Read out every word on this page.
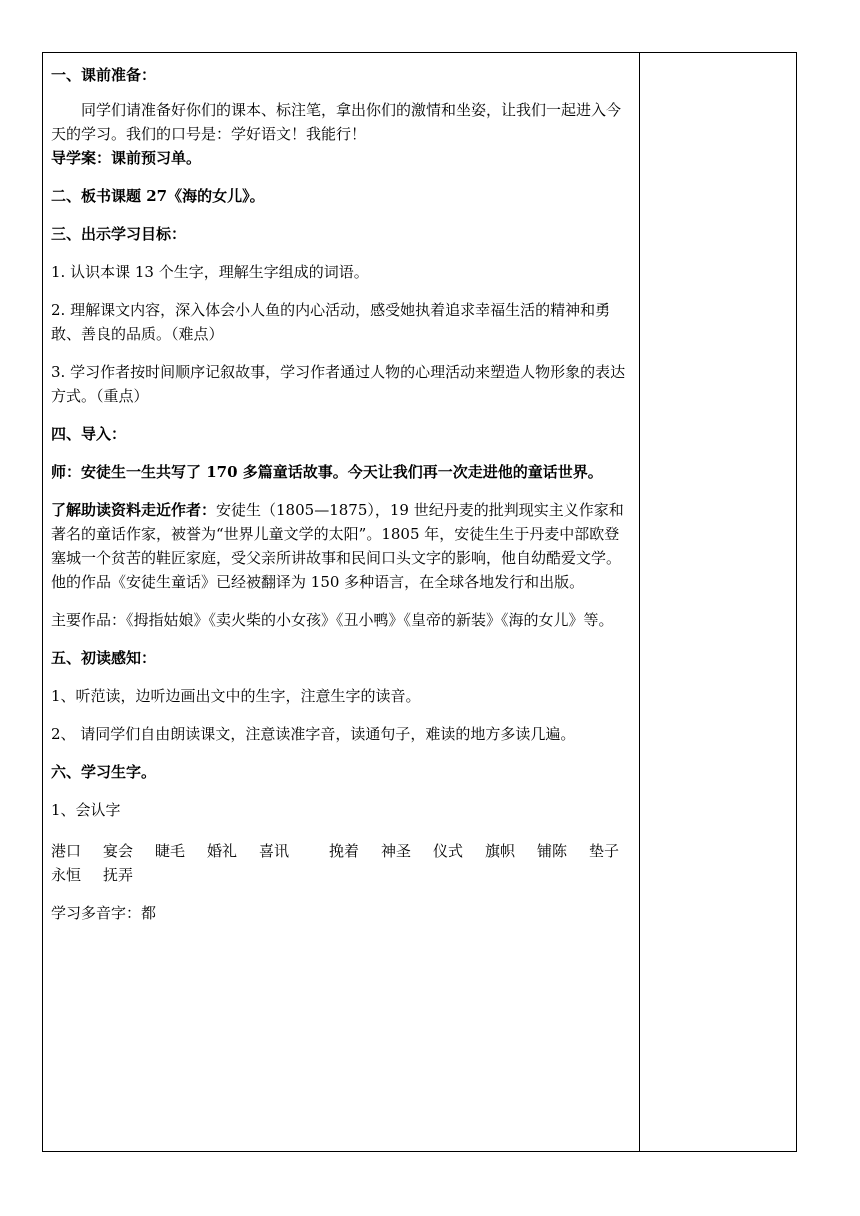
一、课前准备：

同学们请准备好你们的课本、标注笔，拿出你们的激情和坐姿，让我们一起进入今天的学习。我们的口号是：学好语文！我能行！

导学案：课前预习单。

二、板书课题 27《海的女儿》。

三、出示学习目标：

1. 认识本课 13 个生字，理解生字组成的词语。

2. 理解课文内容，深入体会小人鱼的内心活动，感受她执着追求幸福生活的精神和勇敢、善良的品质。（难点）

3. 学习作者按时间顺序记叙故事，学习作者通过人物的心理活动来塑造人物形象的表达方式。（重点）

四、导入：

师：安徒生一生共写了 170 多篇童话故事。今天让我们再一次走进他的童话世界。

了解助读资料走近作者：安徒生（1805—1875），19 世纪丹麦的批判现实主义作家和著名的童话作家，被誉为“世界儿童文学的太阳”。1805 年，安徒生生于丹麦中部欧登塞城一个贫苦的鞋匠家庭，受父亲所讲故事和民间口头文字的影响，他自幼酷爱文学。他的作品《安徒生童话》已经被翻译为 150 多种语言，在全球各地发行和出版。

主要作品：《拇指姑娘》《卖火柴的小女孩》《丑小鸭》《皇帝的新装》《海的女儿》等。

五、初读感知：

1、听范读，边听边画出文中的生字，注意生字的读音。

2、 请同学们自由朗读课文，注意读准字音，读通句子，难读的地方多读几遍。

六、学习生字。

1、会认字

港口	宴会	睫毛	婚礼	喜讯	挽着	神圣	仪式	旗帜	铺陈	垫子
永恒	抚弄

学习多音字：都
